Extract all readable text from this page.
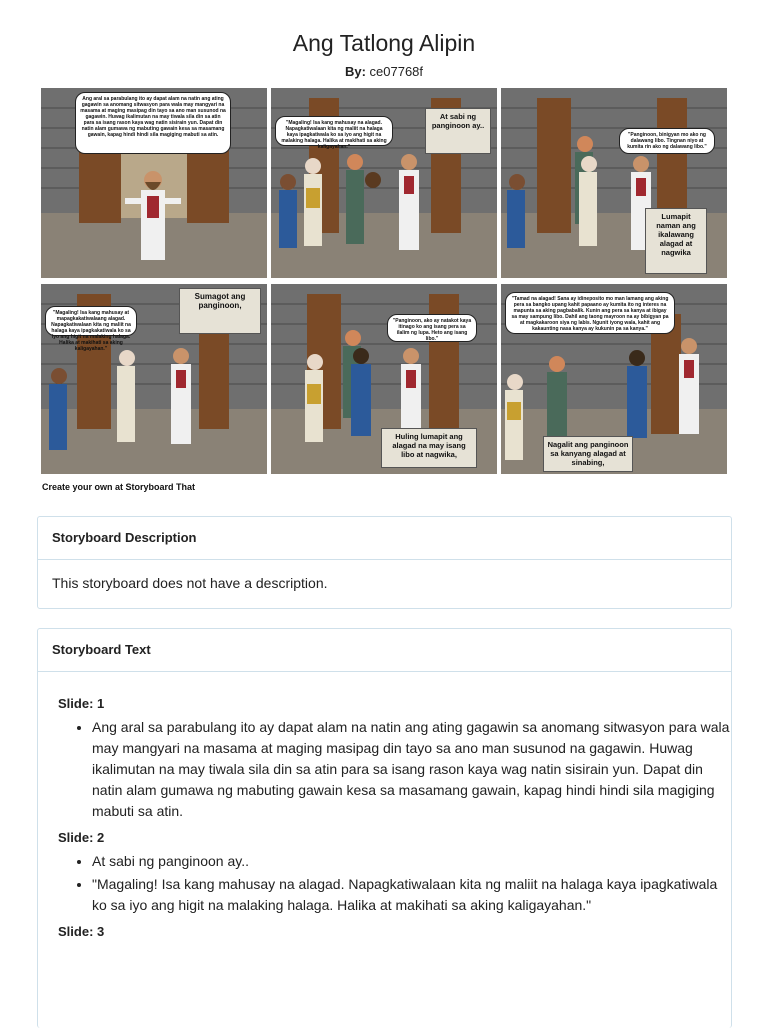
Ang Tatlong Alipin
By: ce07768f
Ang aral sa parabulang ito ay dapat alam na natin ang ating gagawin sa anomang sitwasyon para wala may mangyari na masama at maging masipag din tayo sa ano man susunod na gagawin. Huwag ikalimutan na may tiwala sila din sa atin para sa isang rason kaya wag natin sisirain yun. Dapat din natin alam gumawa ng mabuting gawain kesa sa masamang gawain, kapag hindi hindi sila magiging mabuti sa atin.
"Magaling! Isa kang mahusay na alagad. Napagkatiwalaan kita ng maliit na halaga kaya ipagkatiwala ko sa iyo ang higit na malaking halaga. Halika at makihati sa aking kaligayahan."
At sabi ng panginoon ay..
"Panginoon, binigyan mo ako ng dalawang libo. Tingnan niyo at kumita rin ako ng dalawang libo."
Lumapit naman ang ikalawang alagad at nagwika
"Magaling! Isa kang mahusay at mapagkakatiwalaang alagad. Napagkatiwalaan kita ng maliit na halaga kaya ipagkakatiwala ko sa iyo ang higit na malaking halaga. Halika at makihati sa aking kaligayahan."
Sumagot ang panginoon,
"Panginoon, ako ay natakot kaya itinago ko ang isang pera sa ilalim ng lupa. Heto ang isang libo."
Huling lumapit ang alagad na may isang libo at nagwika,
"Tamad na alagad! Sana ay idineposito mo man lamang ang aking pera sa bangko upang kahit papaano ay kumita ito ng interes na mapunta sa aking pagbabalik. Kunin ang pera sa kanya at ibigay sa may sampung libo. Dahil ang taong mayroon na ay bibigyan pa at magkakaroon siya ng labis. Ngunit iyong wala, kahit ang kakaunting nasa kanya ay kukunin pa sa kanya."
Nagalit ang panginoon sa kanyang alagad at sinabing,
Create your own at Storyboard That
Storyboard Description
This storyboard does not have a description.
Storyboard Text
Slide: 1
• Ang aral sa parabulang ito ay dapat alam na natin ang ating gagawin sa anomang sitwasyon para wala may mangyari na masama at maging masipag din tayo sa ano man susunod na gagawin. Huwag ikalimutan na may tiwala sila din sa atin para sa isang rason kaya wag natin sisirain yun. Dapat din natin alam gumawa ng mabuting gawain kesa sa masamang gawain, kapag hindi hindi sila magiging mabuti sa atin.
Slide: 2
• At sabi ng panginoon ay..
• "Magaling! Isa kang mahusay na alagad. Napagkatiwalaan kita ng maliit na halaga kaya ipagkatiwala ko sa iyo ang higit na malaking halaga. Halika at makihati sa aking kaligayahan."
Slide: 3
